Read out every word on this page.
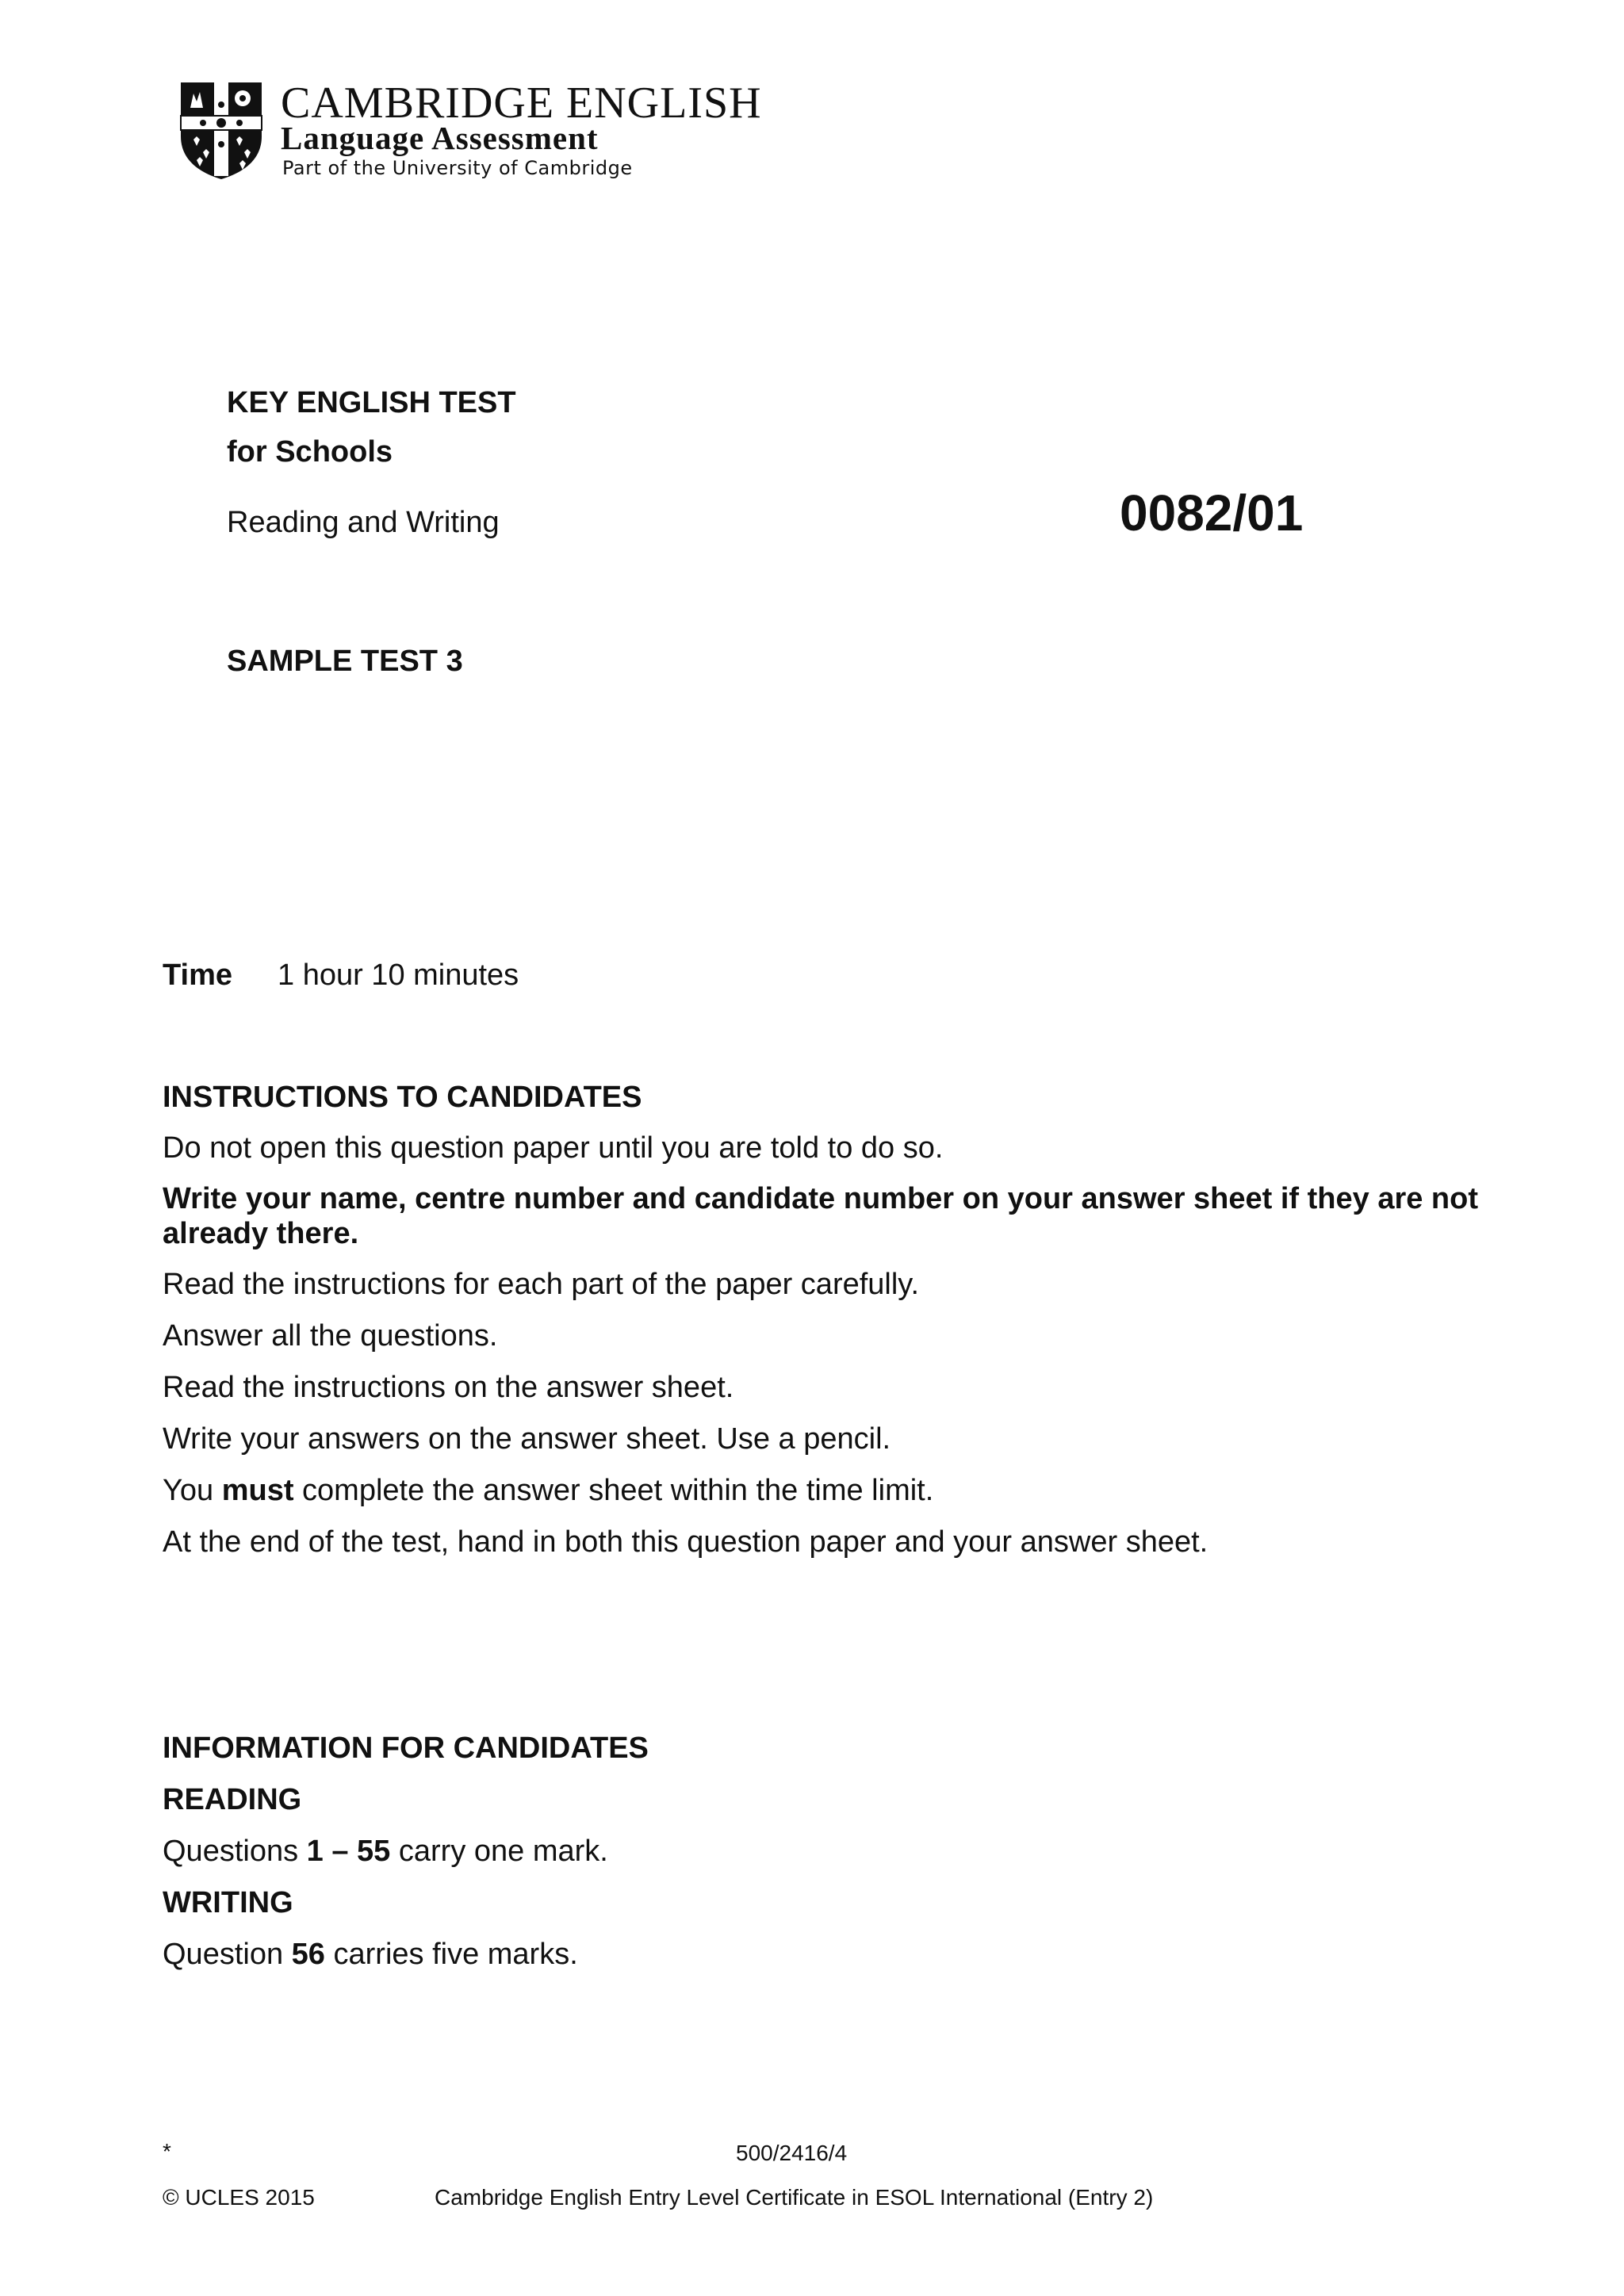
CAMBRIDGE ENGLISH
Language Assessment
Part of the University of Cambridge
KEY ENGLISH TEST
for Schools
Reading and Writing	0082/01
SAMPLE TEST 3
Time 1 hour 10 minutes
INSTRUCTIONS TO CANDIDATES
Do not open this question paper until you are told to do so.
Write your name, centre number and candidate number on your answer sheet if they are not already there.
Read the instructions for each part of the paper carefully.
Answer all the questions.
Read the instructions on the answer sheet.
Write your answers on the answer sheet. Use a pencil.
You must complete the answer sheet within the time limit.
At the end of the test, hand in both this question paper and your answer sheet.
INFORMATION FOR CANDIDATES
READING
Questions 1 – 55 carry one mark.
WRITING
Question 56 carries five marks.
*	500/2416/4
© UCLES 2015	Cambridge English Entry Level Certificate in ESOL International (Entry 2)
